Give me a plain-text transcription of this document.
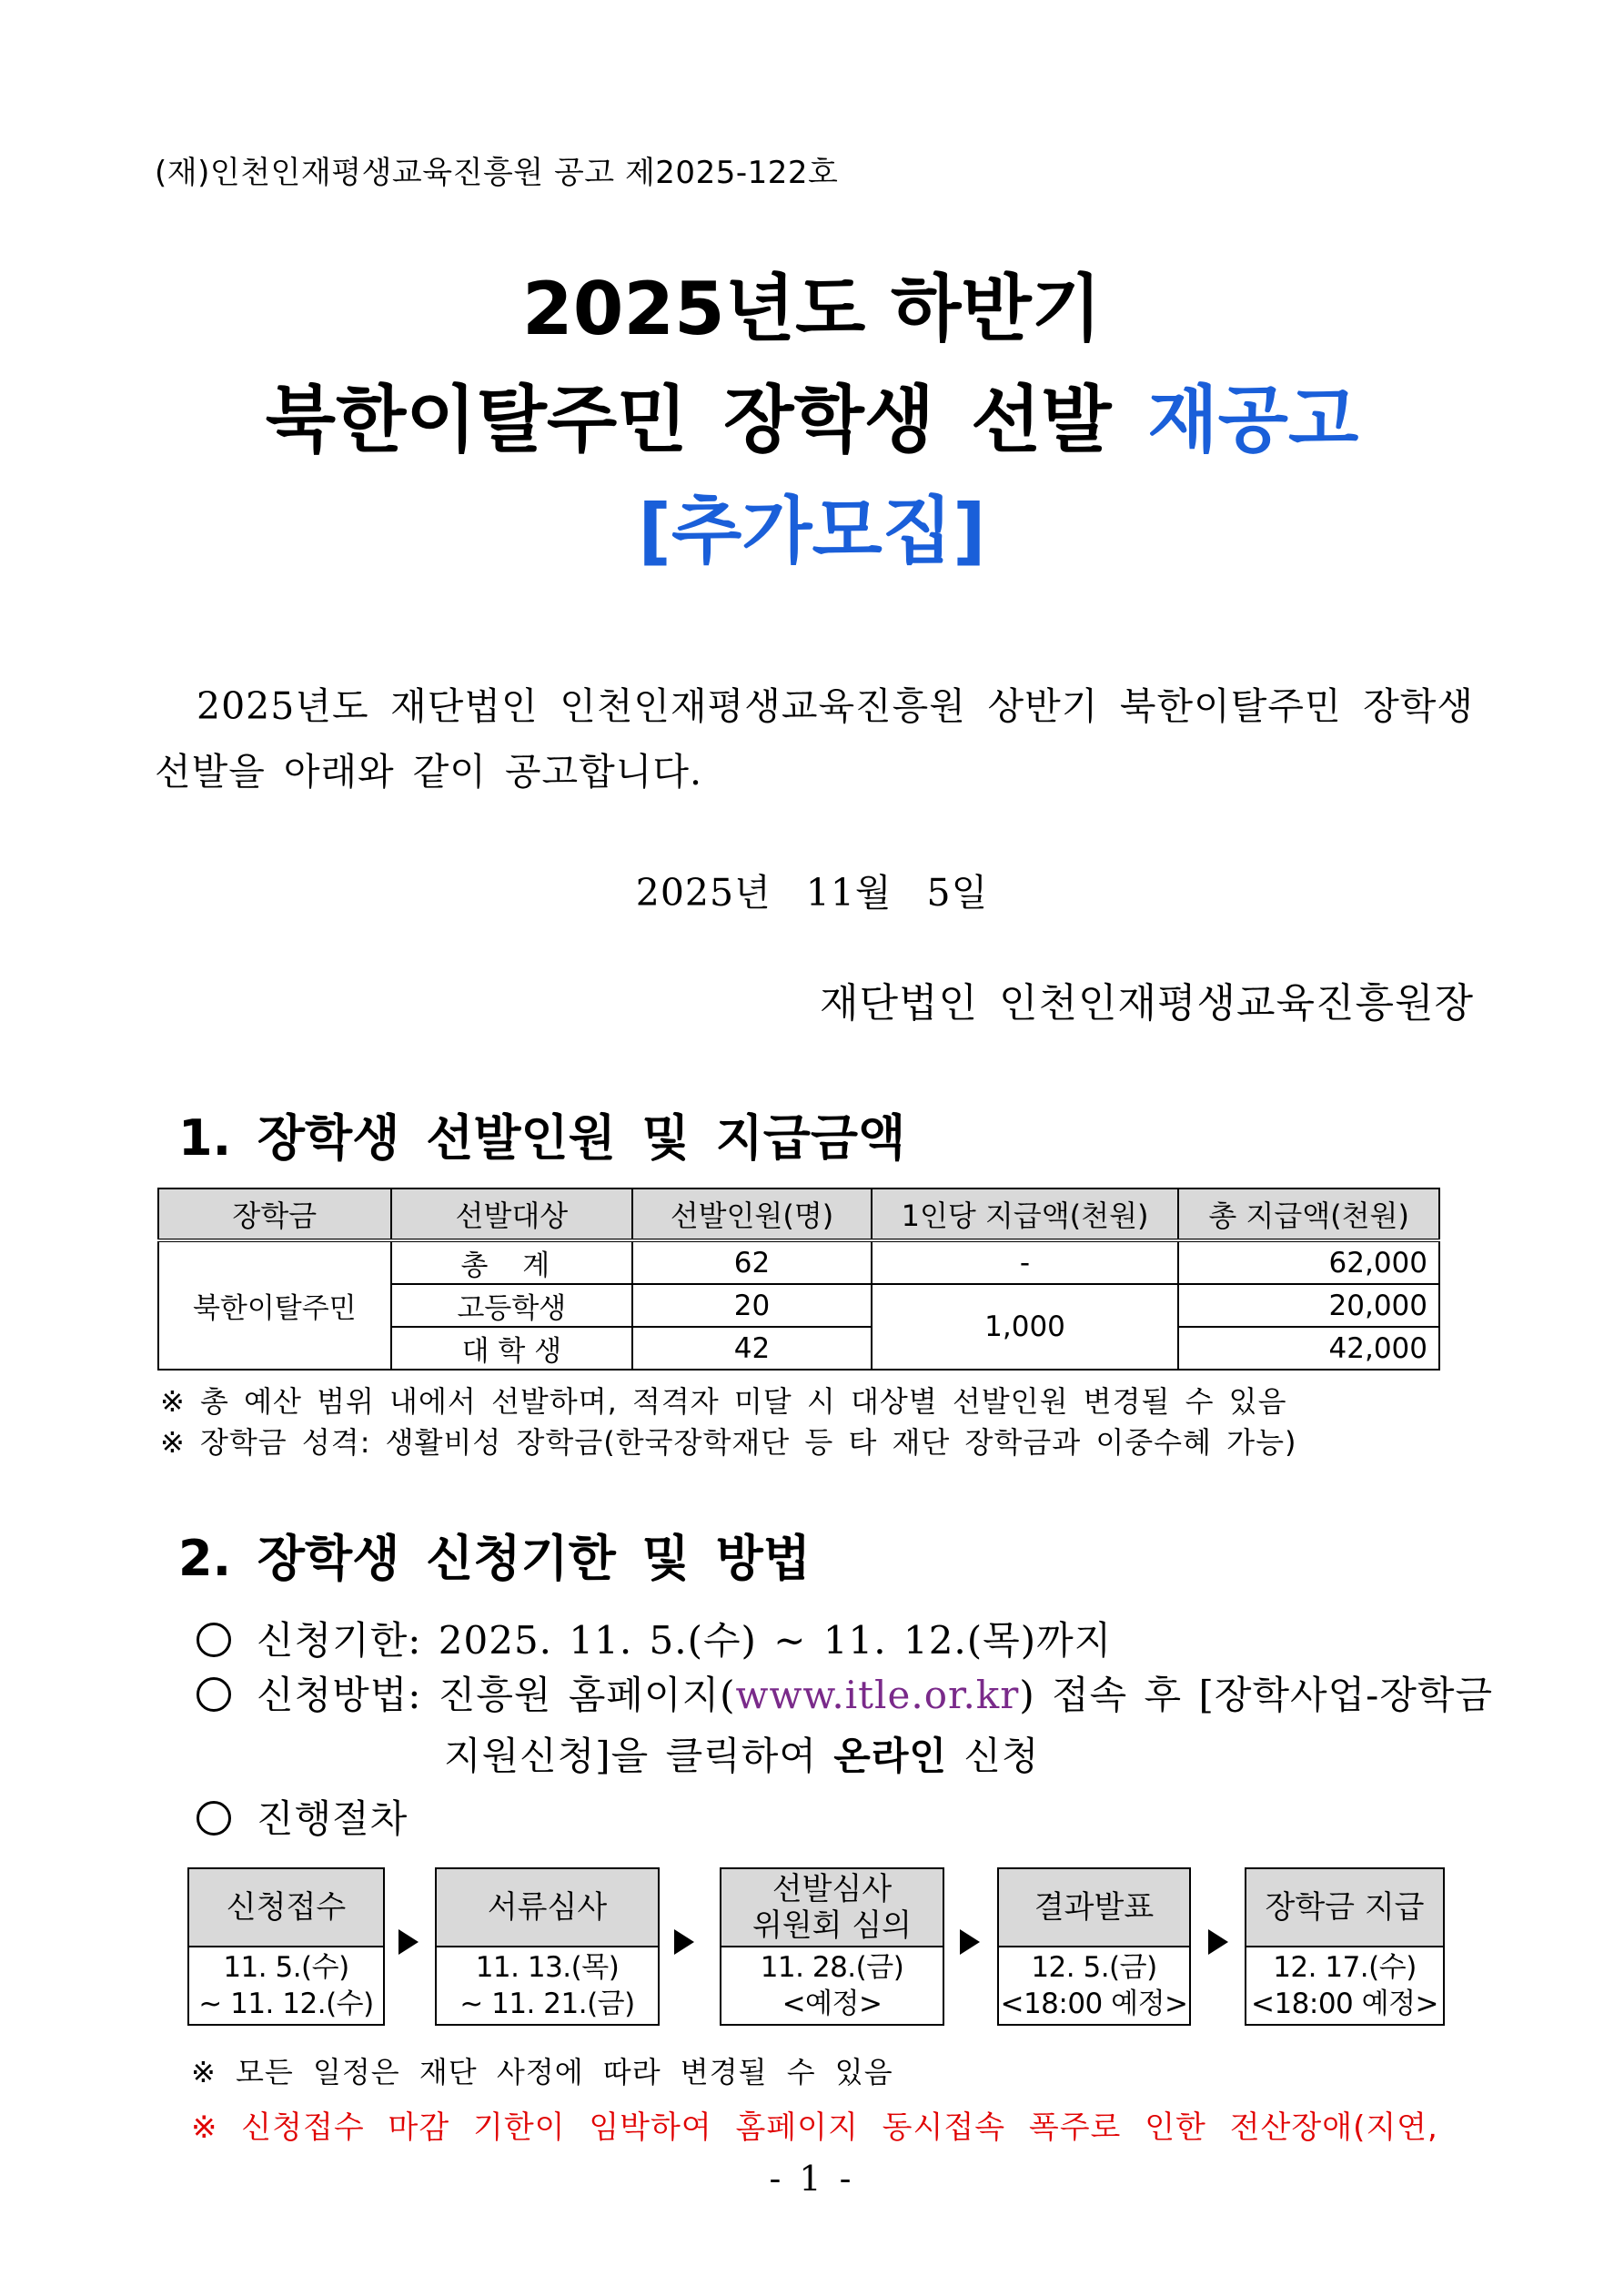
(재)인천인재평생교육진흥원 공고 제2025-122호
2025년도 하반기
북한이탈주민 장학생 선발 재공고
[추가모집]
2025년도 재단법인 인천인재평생교육진흥원 상반기 북한이탈주민 장학생 선발을 아래와 같이 공고합니다.
2025년 11월 5일
재단법인 인천인재평생교육진흥원장
1. 장학생 선발인원 및 지급금액
장학금	선발대상	선발인원(명)	1인당 지급액(천원)	총 지급액(천원)
북한이탈주민	총 계	62	-	62,000
	고등학생	20	1,000	20,000
	대 학 생	42		42,000
※ 총 예산 범위 내에서 선발하며, 적격자 미달 시 대상별 선발인원 변경될 수 있음
※ 장학금 성격: 생활비성 장학금(한국장학재단 등 타 재단 장학금과 이중수혜 가능)
2. 장학생 신청기한 및 방법
신청기한: 2025. 11. 5.(수) ~ 11. 12.(목)까지
신청방법: 진흥원 홈페이지(www.itle.or.kr) 접속 후 [장학사업-장학금
지원신청]을 클릭하여 온라인 신청
진행절차
신청접수
11. 5.(수)
~ 11. 12.(수)
서류심사
11. 13.(목)
~ 11. 21.(금)
선발심사
위원회 심의
11. 28.(금)
<예정>
결과발표
12. 5.(금)
<18:00 예정>
장학금 지급
12. 17.(수)
<18:00 예정>
※ 모든 일정은 재단 사정에 따라 변경될 수 있음
※ 신청접수 마감 기한이 임박하여 홈페이지 동시접속 폭주로 인한 전산장애(지연,
- 1 -
